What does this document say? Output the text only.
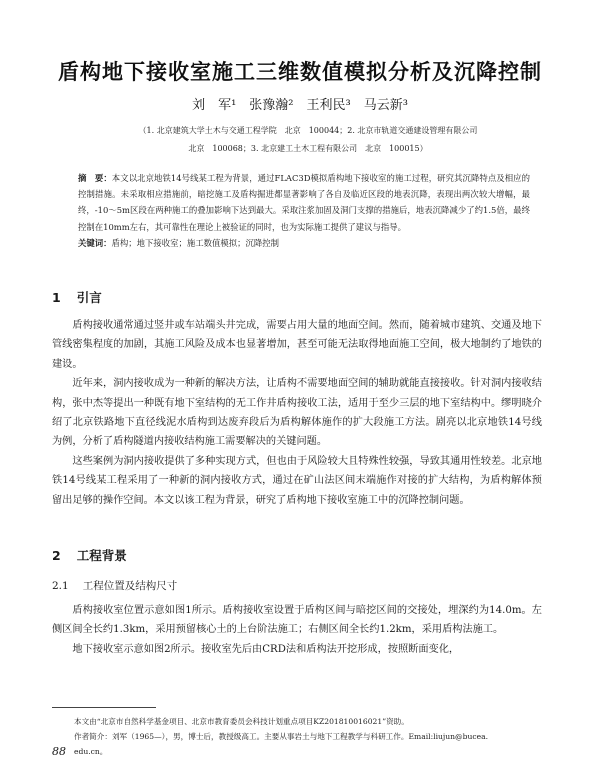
盾构地下接收室施工三维数值模拟分析及沉降控制
刘　军¹　张豫瀚²　王利民³　马云新³
（1. 北京建筑大学土木与交通工程学院　北京　100044；2. 北京市轨道交通建设管理有限公司
北京　100068；3. 北京建工土木工程有限公司　北京　100015）
摘　要：本文以北京地铁14号线某工程为背景，通过FLAC3D模拟盾构地下接收室的施工过程，研究其沉降特点及相应的控制措施。未采取相应措施前，暗挖施工及盾构掘进都显著影响了各自及临近区段的地表沉降，表现出两次较大增幅，最终，-10～5m区段在两种施工的叠加影响下达到最大。采取注浆加固及洞门支撑的措施后，地表沉降减少了约1.5倍，最终控制在10mm左右，其可靠性在理论上被验证的同时，也为实际施工提供了建议与指导。
关键词：盾构；地下接收室；施工数值模拟；沉降控制
1 引言

盾构接收通常通过竖井或车站端头井完成，需要占用大量的地面空间。然而，随着城市建筑、交通及地下管线密集程度的加剧，其施工风险及成本也显著增加，甚至可能无法取得地面施工空间，极大地制约了地铁的建设。

近年来，洞内接收成为一种新的解决方法，让盾构不需要地面空间的辅助就能直接接收。针对洞内接收结构，张中杰等提出一种既有地下室结构的无工作井盾构接收工法，适用于至少三层的地下室结构中。缪明晓介绍了北京铁路地下直径线泥水盾构到达废弃段后为盾构解体施作的扩大段施工方法。剧亮以北京地铁14号线为例，分析了盾构隧道内接收结构施工需要解决的关键问题。

这些案例为洞内接收提供了多种实现方式，但也由于风险较大且特殊性较强，导致其通用性较差。北京地铁14号线某工程采用了一种新的洞内接收方式，通过在矿山法区间末端施作对接的扩大结构，为盾构解体预留出足够的操作空间。本文以该工程为背景，研究了盾构地下接收室施工中的沉降控制问题。

2 工程背景
2.1 工程位置及结构尺寸

盾构接收室位置示意如图1所示。盾构接收室设置于盾构区间与暗挖区间的交接处，埋深约为14.0m。左侧区间全长约1.3km，采用预留核心土的上台阶法施工；右侧区间全长约1.2km，采用盾构法施工。

地下接收室示意如图2所示。接收室先后由CRD法和盾构法开挖形成，按照断面变化，

本文由“北京市自然科学基金项目、北京市教育委员会科技计划重点项目KZ201810016021”资助。
作者简介：刘军（1965—），男，博士后，教授级高工。主要从事岩土与地下工程教学与科研工作。Email:liujun@bucea.
edu.cn。
88
